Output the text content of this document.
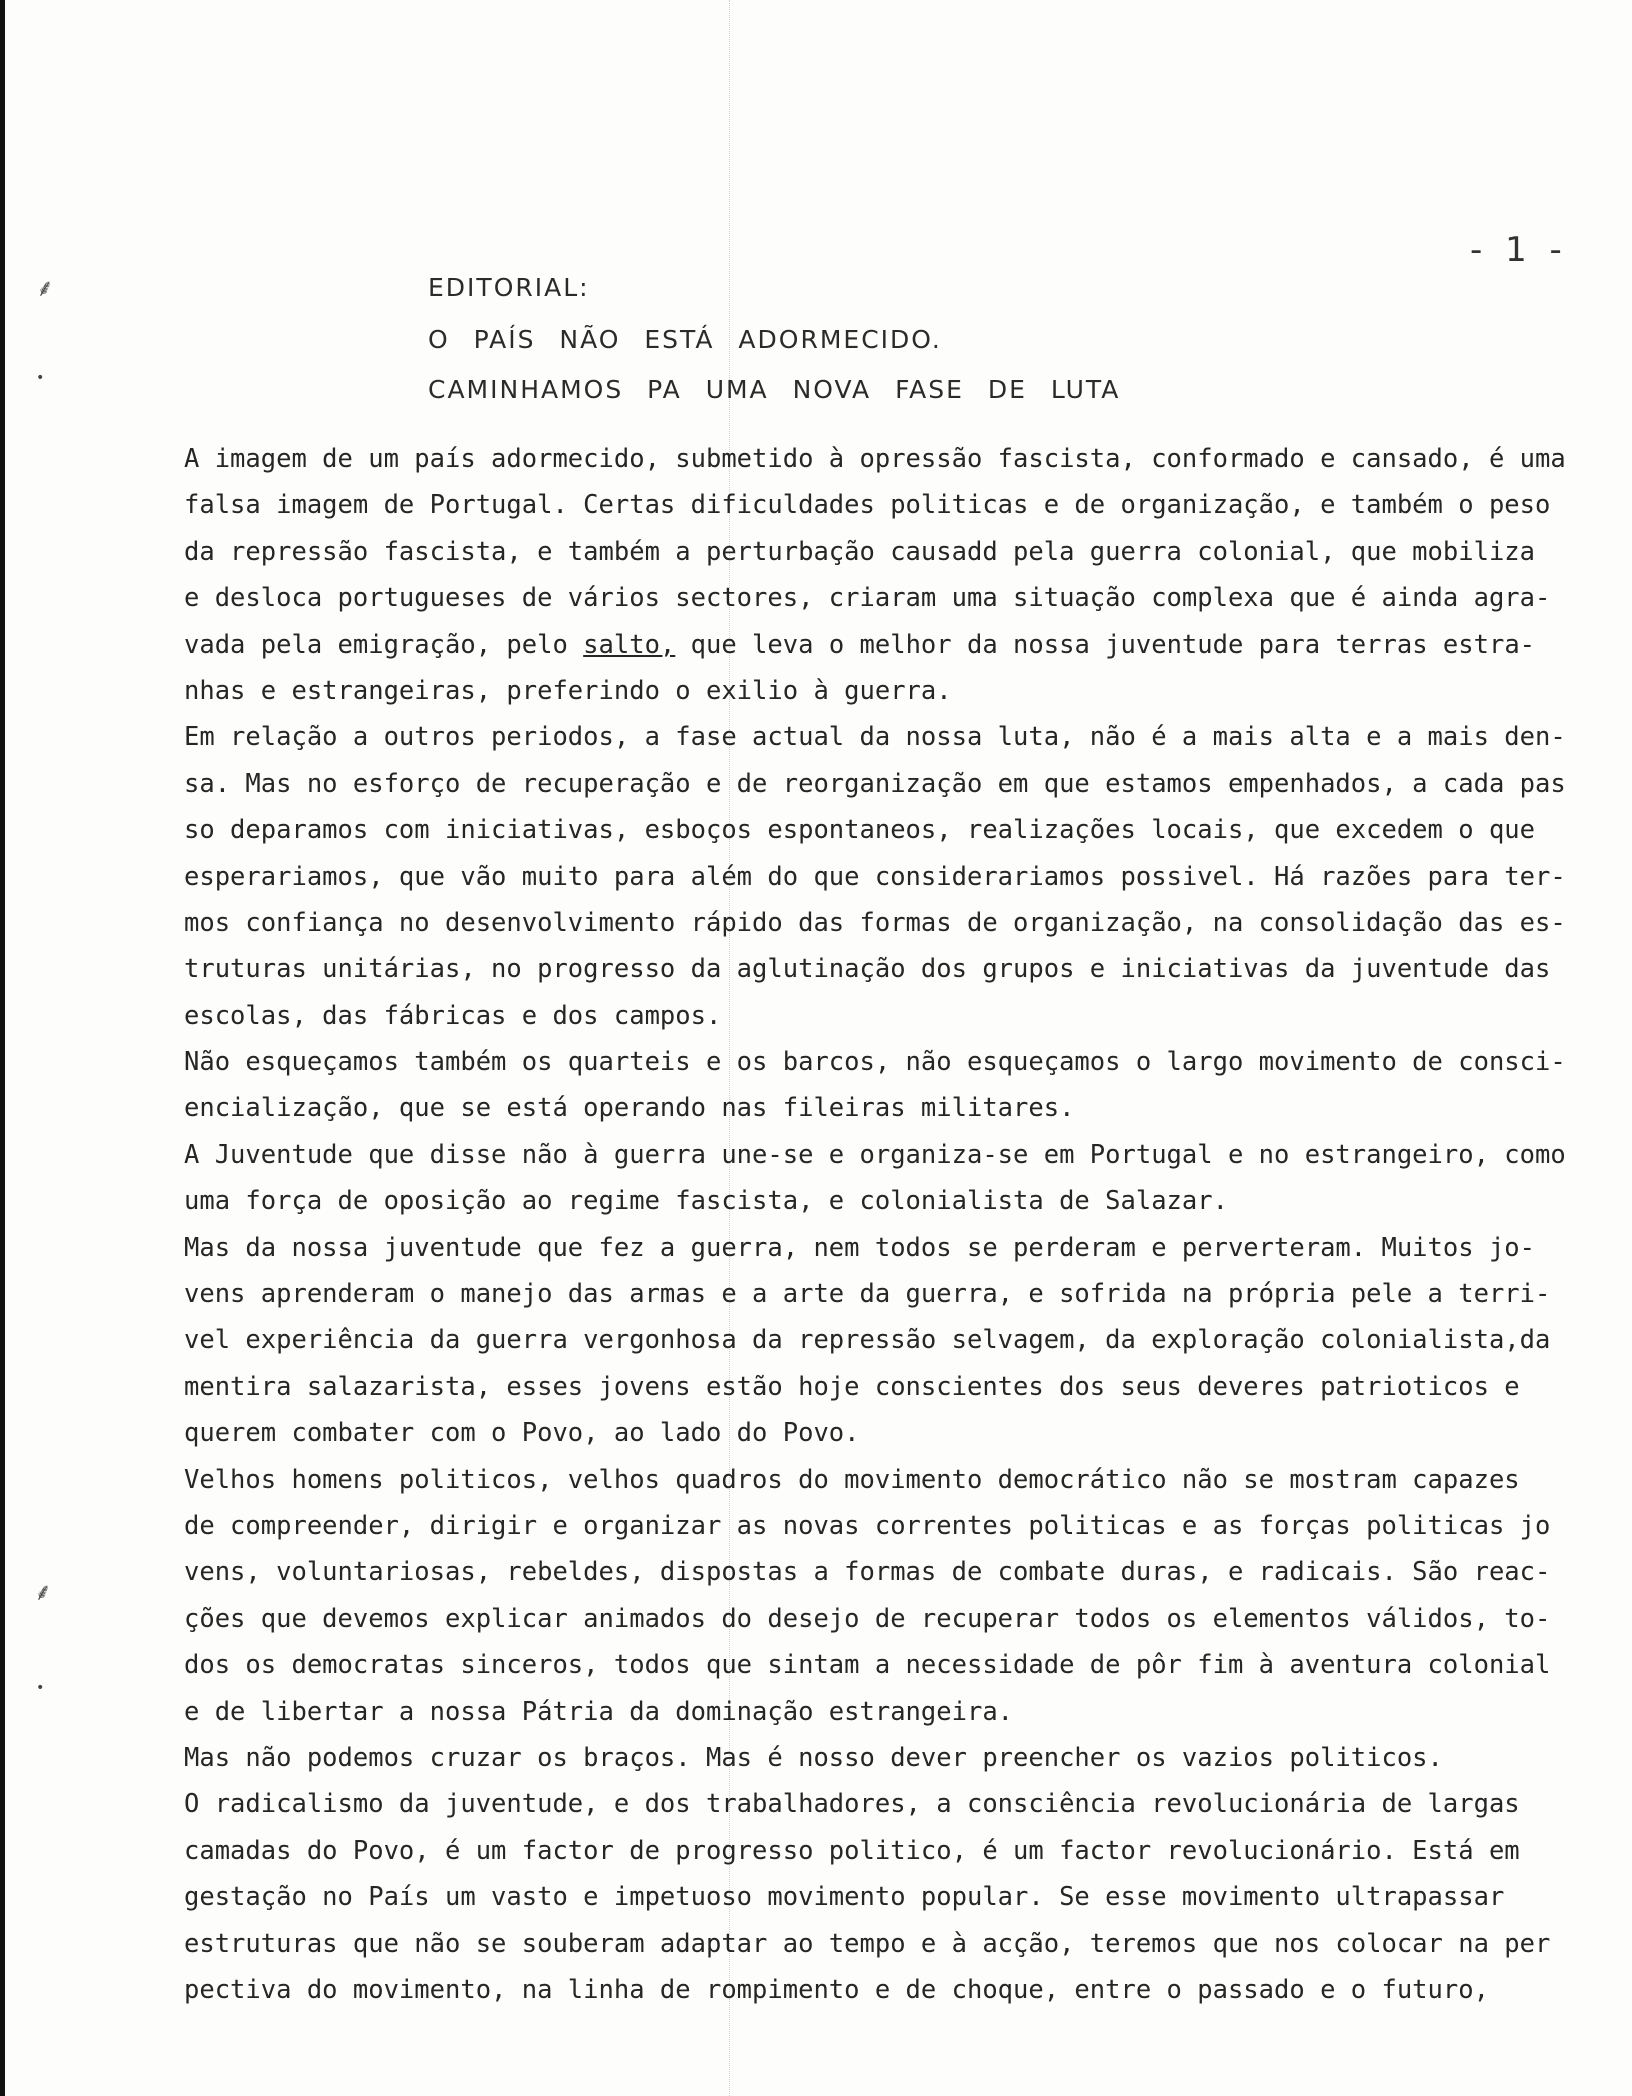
⸙
•
⸙
•
- 1 -
EDITORIAL:
O PAÍS NÃO ESTÁ ADORMECIDO.
CAMINHAMOS PA UMA NOVA FASE DE LUTA
A imagem de um país adormecido, submetido à opressão fascista, conformado e cansado, é uma
falsa imagem de Portugal. Certas dificuldades politicas e de organização, e também o peso
da repressão fascista, e também a perturbação causadd pela guerra colonial, que mobiliza
e desloca portugueses de vários sectores, criaram uma situação complexa que é ainda agra-
vada pela emigração, pelo salto, que leva o melhor da nossa juventude para terras estra-
nhas e estrangeiras, preferindo o exilio à guerra.
Em relação a outros periodos, a fase actual da nossa luta, não é a mais alta e a mais den-
sa. Mas no esforço de recuperação e de reorganização em que estamos empenhados, a cada pas
so deparamos com iniciativas, esboços espontaneos, realizações locais, que excedem o que
esperariamos, que vão muito para além do que considerariamos possivel. Há razões para ter-
mos confiança no desenvolvimento rápido das formas de organização, na consolidação das es-
truturas unitárias, no progresso da aglutinação dos grupos e iniciativas da juventude das
escolas, das fábricas e dos campos.
Não esqueçamos também os quarteis e os barcos, não esqueçamos o largo movimento de consci-
encialização, que se está operando nas fileiras militares.
A Juventude que disse não à guerra une-se e organiza-se em Portugal e no estrangeiro, como
uma força de oposição ao regime fascista, e colonialista de Salazar.
Mas da nossa juventude que fez a guerra, nem todos se perderam e perverteram. Muitos jo-
vens aprenderam o manejo das armas e a arte da guerra, e sofrida na própria pele a terri-
vel experiência da guerra vergonhosa da repressão selvagem, da exploração colonialista,da
mentira salazarista, esses jovens estão hoje conscientes dos seus deveres patrioticos e
querem combater com o Povo, ao lado do Povo.
Velhos homens politicos, velhos quadros do movimento democrático não se mostram capazes
de compreender, dirigir e organizar as novas correntes politicas e as forças politicas jo
vens, voluntariosas, rebeldes, dispostas a formas de combate duras, e radicais. São reac-
ções que devemos explicar animados do desejo de recuperar todos os elementos válidos, to-
dos os democratas sinceros, todos que sintam a necessidade de pôr fim à aventura colonial
e de libertar a nossa Pátria da dominação estrangeira.
Mas não podemos cruzar os braços. Mas é nosso dever preencher os vazios politicos.
O radicalismo da juventude, e dos trabalhadores, a consciência revolucionária de largas
camadas do Povo, é um factor de progresso politico, é um factor revolucionário. Está em
gestação no País um vasto e impetuoso movimento popular. Se esse movimento ultrapassar
estruturas que não se souberam adaptar ao tempo e à acção, teremos que nos colocar na per
pectiva do movimento, na linha de rompimento e de choque, entre o passado e o futuro,
